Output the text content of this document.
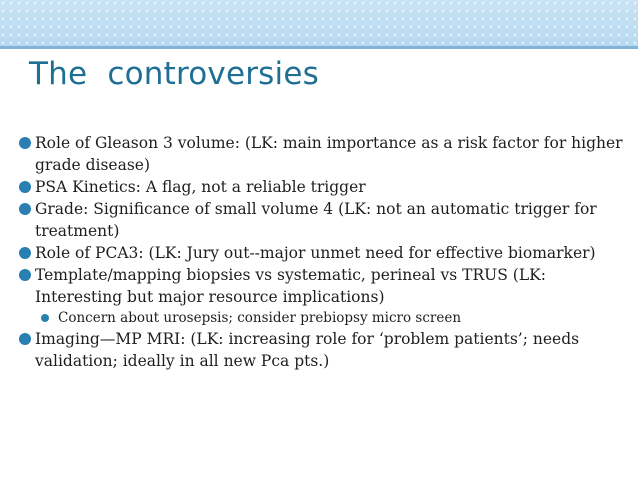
The  controversies
Role of Gleason 3 volume: (LK: main importance as a risk factor for higher grade disease)
PSA Kinetics: A flag, not a reliable trigger
Grade: Significance of small volume 4 (LK: not an automatic trigger for treatment)
Role of PCA3: (LK: Jury out--major unmet need for effective biomarker)
Template/mapping biopsies vs systematic, perineal vs TRUS (LK: Interesting but major resource implications)
Concern about urosepsis; consider prebiopsy micro screen
Imaging—MP MRI: (LK: increasing role for ‘problem patients’; needs validation; ideally in all new Pca pts.)
